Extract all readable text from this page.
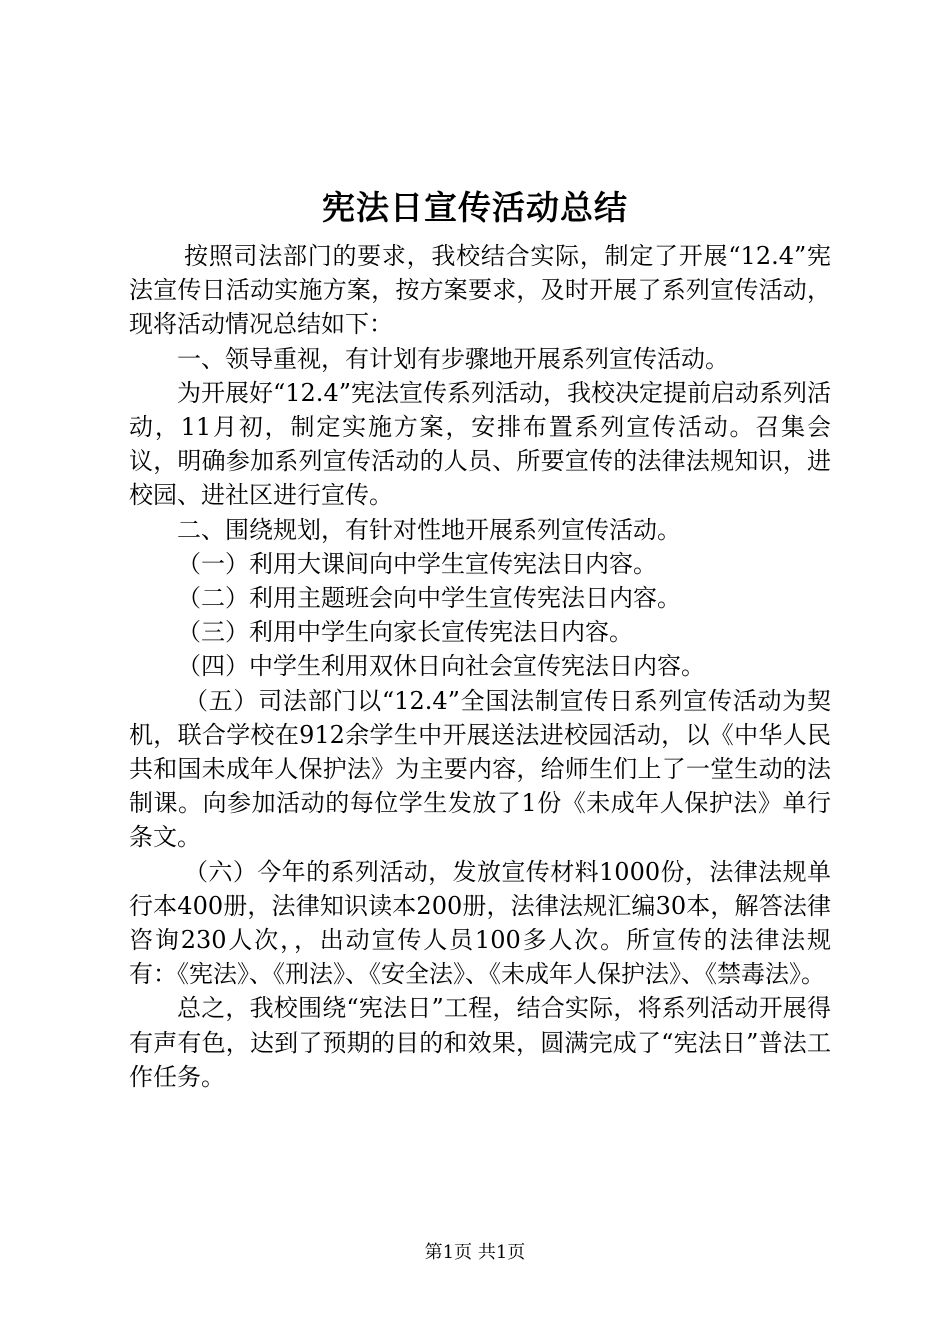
宪法日宣传活动总结

按照司法部门的要求，我校结合实际，制定了开展“12.4”宪法宣传日活动实施方案，按方案要求，及时开展了系列宣传活动，现将活动情况总结如下：

一、领导重视，有计划有步骤地开展系列宣传活动。

为开展好“12.4”宪法宣传系列活动，我校决定提前启动系列活动，11月初，制定实施方案，安排布置系列宣传活动。召集会议，明确参加系列宣传活动的人员、所要宣传的法律法规知识，进校园、进社区进行宣传。

二、围绕规划，有针对性地开展系列宣传活动。

（一）利用大课间向中学生宣传宪法日内容。

（二）利用主题班会向中学生宣传宪法日内容。

（三）利用中学生向家长宣传宪法日内容。

（四）中学生利用双休日向社会宣传宪法日内容。

（五）司法部门以“12.4”全国法制宣传日系列宣传活动为契机，联合学校在912余学生中开展送法进校园活动，以《中华人民共和国未成年人保护法》为主要内容，给师生们上了一堂生动的法制课。向参加活动的每位学生发放了1份《未成年人保护法》单行条文。

（六）今年的系列活动，发放宣传材料1000份，法律法规单行本400册，法律知识读本200册，法律法规汇编30本，解答法律咨询230人次，，出动宣传人员100多人次。所宣传的法律法规有：《宪法》、《刑法》、《安全法》、《未成年人保护法》、《禁毒法》。

总之，我校围绕“宪法日”工程，结合实际，将系列活动开展得有声有色，达到了预期的目的和效果，圆满完成了“宪法日”普法工作任务。

第1页 共1页
